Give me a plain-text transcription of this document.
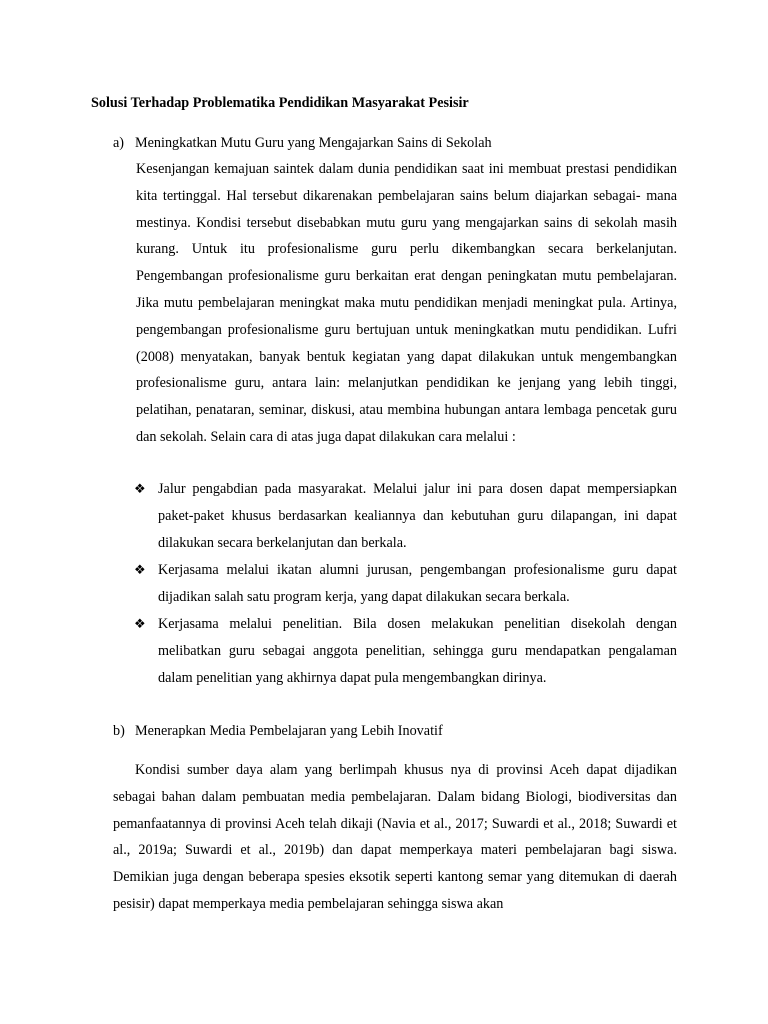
Solusi Terhadap Problematika Pendidikan Masyarakat Pesisir

a) Meningkatkan Mutu Guru yang Mengajarkan Sains di Sekolah

Kesenjangan kemajuan saintek dalam dunia pendidikan saat ini membuat prestasi pendidikan kita tertinggal. Hal tersebut dikarenakan pembelajaran sains belum diajarkan sebagai- mana mestinya. Kondisi tersebut disebabkan mutu guru yang mengajarkan sains di sekolah masih kurang. Untuk itu profesionalisme guru perlu dikembangkan secara berkelanjutan. Pengembangan profesionalisme guru berkaitan erat dengan peningkatan mutu pembelajaran. Jika mutu pembelajaran meningkat maka mutu pendidikan menjadi meningkat pula. Artinya, pengembangan profesionalisme guru bertujuan untuk meningkatkan mutu pendidikan. Lufri (2008) menyatakan, banyak bentuk kegiatan yang dapat dilakukan untuk mengembangkan profesionalisme guru, antara lain: melanjutkan pendidikan ke jenjang yang lebih tinggi, pelatihan, penataran, seminar, diskusi, atau membina hubungan antara lembaga pencetak guru dan sekolah. Selain cara di atas juga dapat dilakukan cara melalui :

❖ Jalur pengabdian pada masyarakat. Melalui jalur ini para dosen dapat mempersiapkan paket-paket khusus berdasarkan kealiannya dan kebutuhan guru dilapangan, ini dapat dilakukan secara berkelanjutan dan berkala.
❖ Kerjasama melalui ikatan alumni jurusan, pengembangan profesionalisme guru dapat dijadikan salah satu program kerja, yang dapat dilakukan secara berkala.
❖ Kerjasama melalui penelitian. Bila dosen melakukan penelitian disekolah dengan melibatkan guru sebagai anggota penelitian, sehingga guru mendapatkan pengalaman dalam penelitian yang akhirnya dapat pula mengembangkan dirinya.

b) Menerapkan Media Pembelajaran yang Lebih Inovatif

Kondisi sumber daya alam yang berlimpah khusus nya di provinsi Aceh dapat dijadikan sebagai bahan dalam pembuatan media pembelajaran. Dalam bidang Biologi, biodiversitas dan pemanfaatannya di provinsi Aceh telah dikaji (Navia et al., 2017; Suwardi et al., 2018; Suwardi et al., 2019a; Suwardi et al., 2019b) dan dapat memperkaya materi pembelajaran bagi siswa. Demikian juga dengan beberapa spesies eksotik seperti kantong semar yang ditemukan di daerah pesisir) dapat memperkaya media pembelajaran sehingga siswa akan
